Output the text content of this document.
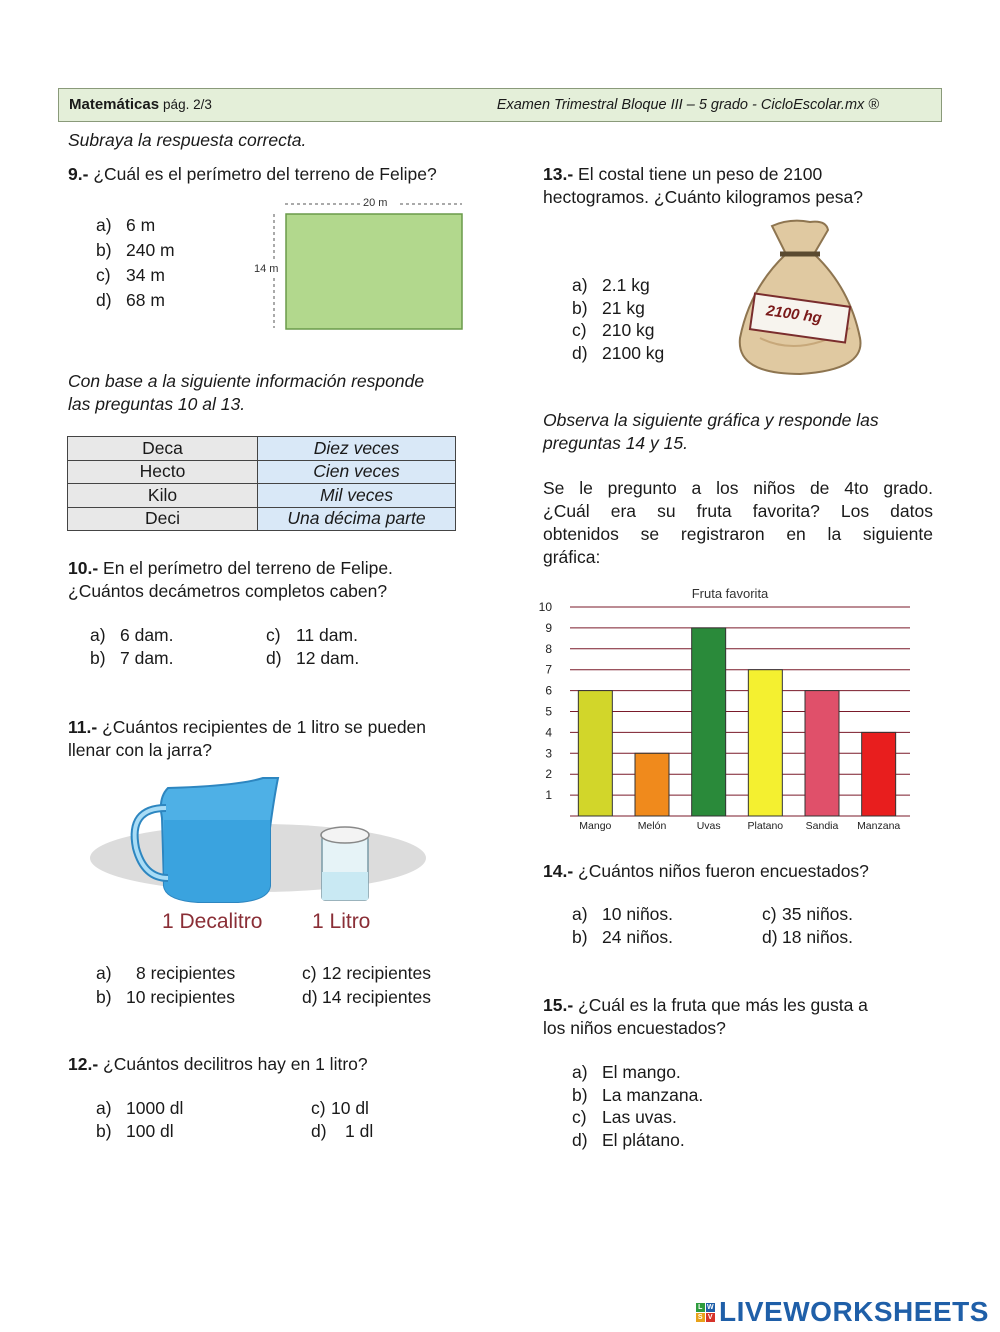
Matemáticas pág. 2/3	Examen Trimestral Bloque III – 5 grado - CicloEscolar.mx ®
Subraya la respuesta correcta.
9.- ¿Cuál es el perímetro del terreno de Felipe?
a) 6 m
b) 240 m
c) 34 m
d) 68 m
20 m
14 m
Con base a la siguiente información responde
las preguntas 10 al 13.
Deca	Diez veces
Hecto	Cien veces
Kilo	Mil veces
Deci	Una décima parte
10.- En el perímetro del terreno de Felipe.
¿Cuántos decámetros completos caben?
a) 6 dam.
b) 7 dam.
c) 11 dam.
d) 12 dam.
11.- ¿Cuántos recipientes de 1 litro se pueden
llenar con la jarra?
1 Decalitro 1 Litro
a) 8 recipientes
b) 10 recipientes
c) 12 recipientes
d) 14 recipientes
12.- ¿Cuántos decilitros hay en 1 litro?
a) 1000 dl
b) 100 dl
c) 10 dl
d) 1 dl
13.- El costal tiene un peso de 2100
hectogramos. ¿Cuánto kilogramos pesa?
a) 2.1 kg
b) 21 kg
c) 210 kg
d) 2100 kg
2100 hg
Observa la siguiente gráfica y responde las
preguntas 14 y 15.
Se le pregunto a los niños de 4to grado.
¿Cuál era su fruta favorita? Los datos
obtenidos se registraron en la siguiente
gráfica:
Fruta favorita
1
2
3
4
5
6
7
8
9
10
Mango	Melón	Uvas	Platano Sandia Manzana
14.- ¿Cuántos niños fueron encuestados?
a) 10 niños.
b) 24 niños.
c) 35 niños.
d) 18 niños.
15.- ¿Cuál es la fruta que más les gusta a
los niños encuestados?
a) El mango.
b) La manzana.
c) Las uvas.
d) El plátano.
L W
S V LIVEWORKSHEETS
